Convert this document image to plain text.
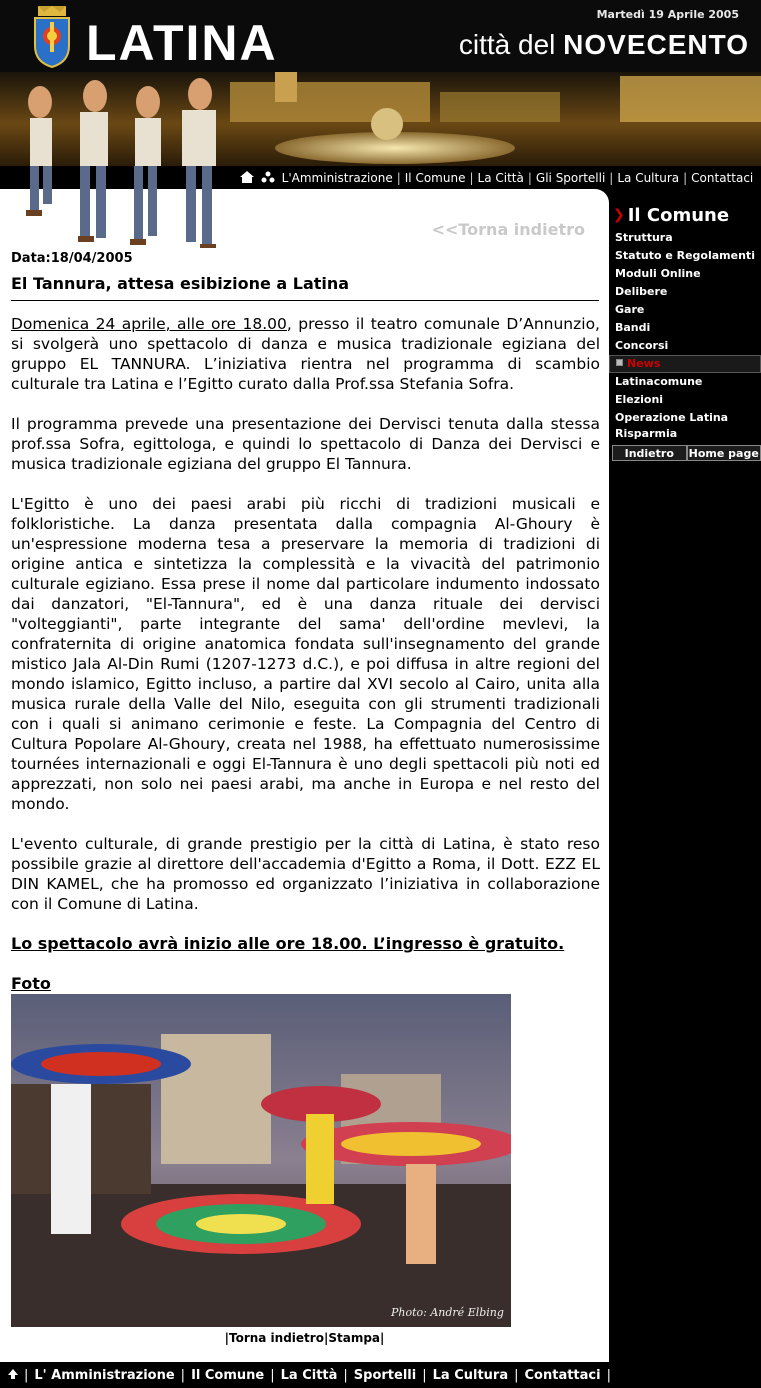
LATINA
Martedì 19 Aprile 2005
città del NOVECENTO
L'Amministrazione | Il Comune | La Città | Gli Sportelli | La Cultura | Contattaci
<<Torna indietro
Data:18/04/2005
El Tannura, attesa esibizione a Latina

Domenica 24 aprile, alle ore 18.00, presso il teatro comunale D’Annunzio, si svolgerà uno spettacolo di danza e musica tradizionale egiziana del gruppo EL TANNURA. L’iniziativa rientra nel programma di scambio culturale tra Latina e l’Egitto curato dalla Prof.ssa Stefania Sofra.

Il programma prevede una presentazione dei Dervisci tenuta dalla stessa prof.ssa Sofra, egittologa, e quindi lo spettacolo di Danza dei Dervisci e musica tradizionale egiziana del gruppo El Tannura.

L'Egitto è uno dei paesi arabi più ricchi di tradizioni musicali e folkloristiche. La danza presentata dalla compagnia Al-Ghoury è un'espressione moderna tesa a preservare la memoria di tradizioni di origine antica e sintetizza la complessità e la vivacità del patrimonio culturale egiziano. Essa prese il nome dal particolare indumento indossato dai danzatori, "El-Tannura", ed è una danza rituale dei dervisci "volteggianti", parte integrante del sama' dell'ordine mevlevi, la confraternita di origine anatomica fondata sull'insegnamento del grande mistico Jala Al-Din Rumi (1207-1273 d.C.), e poi diffusa in altre regioni del mondo islamico, Egitto incluso, a partire dal XVI secolo al Cairo, unita alla musica rurale della Valle del Nilo, eseguita con gli strumenti tradizionali con i quali si animano cerimonie e feste. La Compagnia del Centro di Cultura Popolare Al-Ghoury, creata nel 1988, ha effettuato numerosissime tournées internazionali e oggi El-Tannura è uno degli spettacoli più noti ed apprezzati, non solo nei paesi arabi, ma anche in Europa e nel resto del mondo.

L'evento culturale, di grande prestigio per la città di Latina, è stato reso possibile grazie al direttore dell'accademia d'Egitto a Roma, il Dott. EZZ EL DIN KAMEL, che ha promosso ed organizzato l’iniziativa in collaborazione con il Comune di Latina.

Lo spettacolo avrà inizio alle ore 18.00. L’ingresso è gratuito.

Foto

Photo: André Elbing
|Torna indietro|Stampa|
❯ Il Comune
Struttura
Statuto e Regolamenti
Moduli Online
Delibere
Gare
Bandi
Concorsi
News
Latinacomune
Elezioni
Operazione Latina Risparmia
Indietro	Home page
| L' Amministrazione | Il Comune | La Città | Sportelli | La Cultura | Contattaci |
